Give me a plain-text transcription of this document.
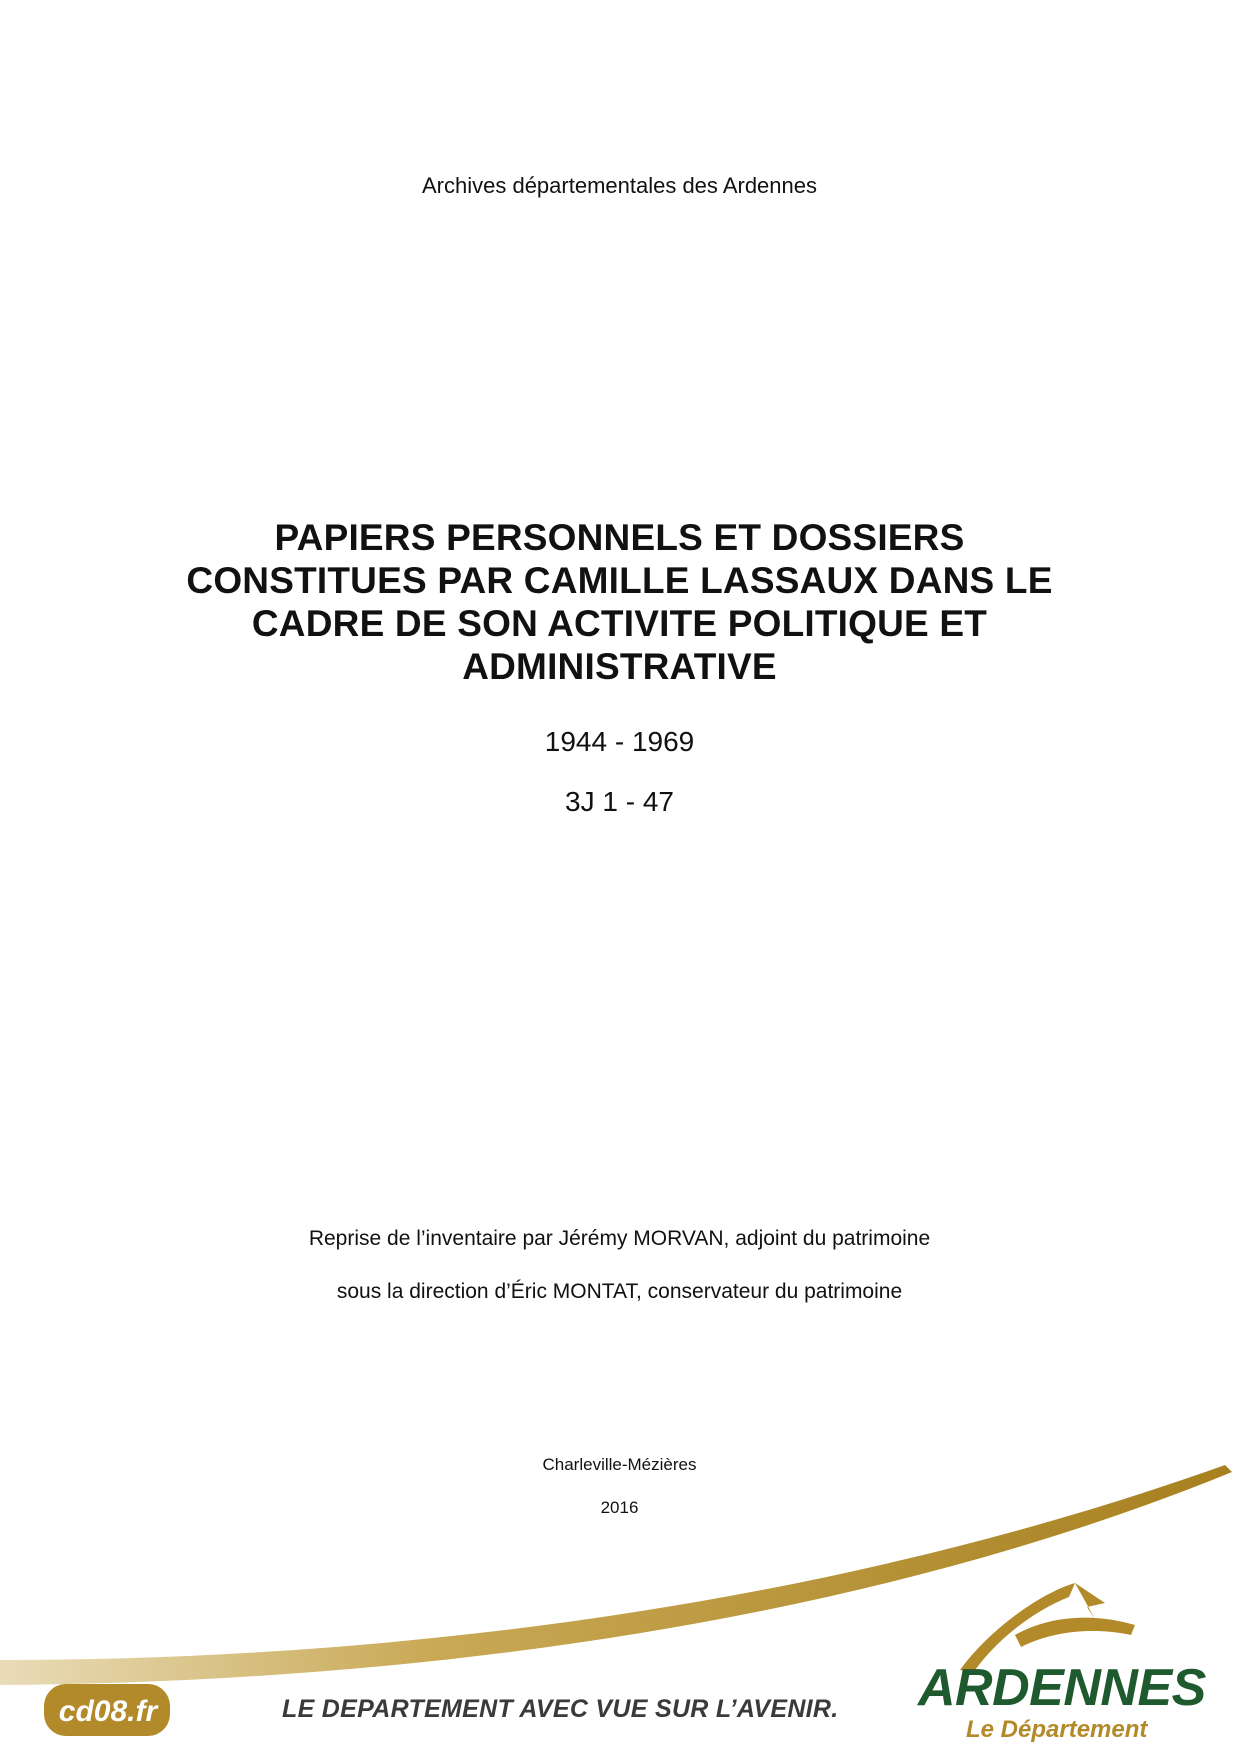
Archives départementales des Ardennes
PAPIERS PERSONNELS ET DOSSIERS
CONSTITUES PAR CAMILLE LASSAUX DANS LE
CADRE DE SON ACTIVITE POLITIQUE ET
ADMINISTRATIVE
1944 - 1969
3J 1 - 47
Reprise de l’inventaire par Jérémy MORVAN, adjoint du patrimoine
sous la direction d’Éric MONTAT, conservateur du patrimoine
Charleville-Mézières
2016
cd08.fr	LE DEPARTEMENT AVEC VUE SUR L’AVENIR. ARDENNES
Le Département
